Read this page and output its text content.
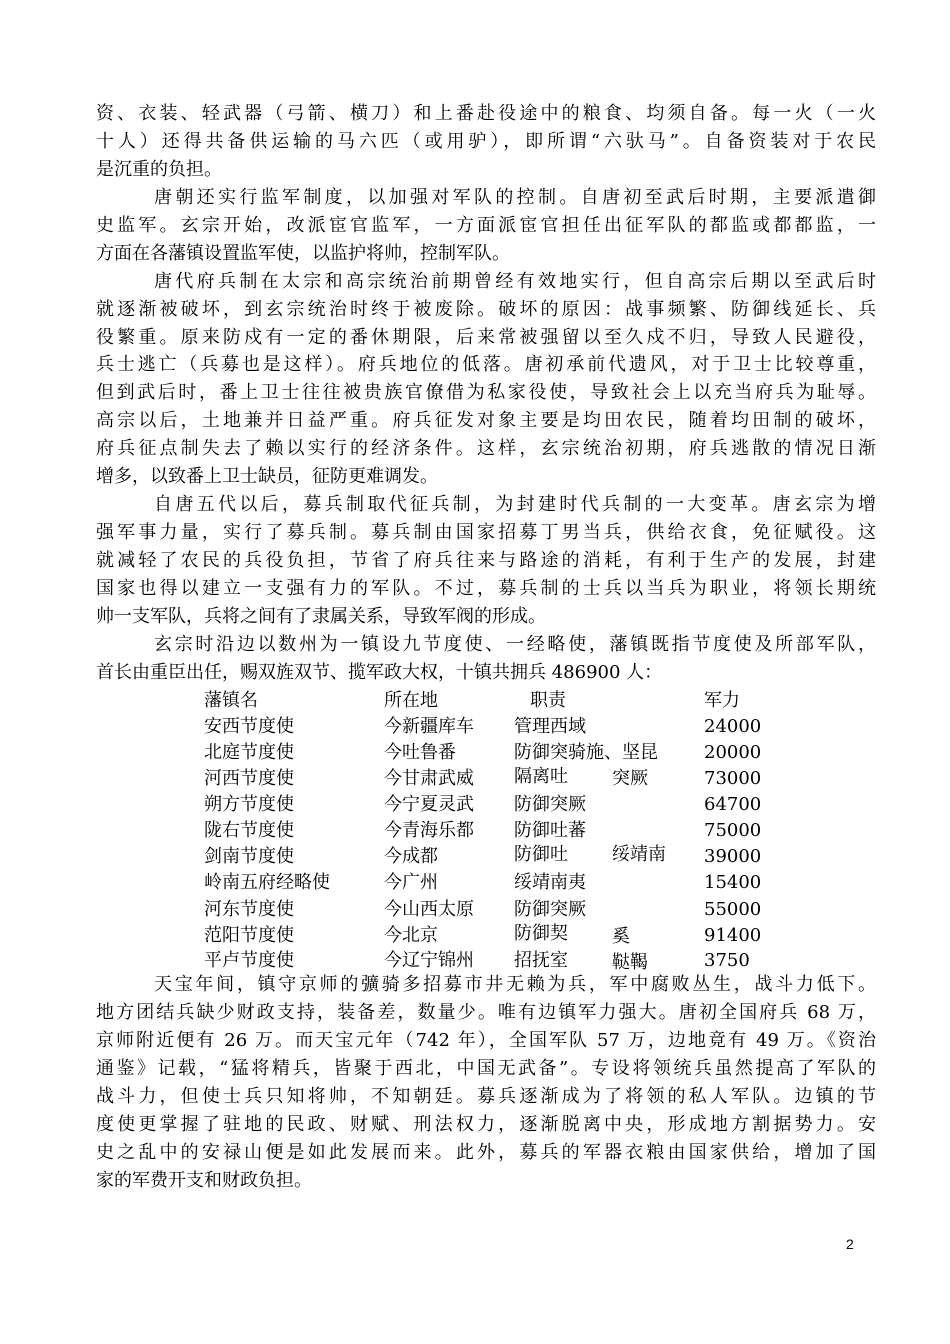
资、衣装、轻武器（弓箭、横刀）和上番赴役途中的粮食、均须自备。每一火（一火
十人）还得共备供运输的马六匹（或用驴），即所谓“六驮马”。自备资装对于农民
是沉重的负担。
唐朝还实行监军制度，以加强对军队的控制。自唐初至武后时期，主要派遣御
史监军。玄宗开始，改派宦官监军，一方面派宦官担任出征军队的都监或都都监，一
方面在各藩镇设置监军使，以监护将帅，控制军队。
唐代府兵制在太宗和高宗统治前期曾经有效地实行，但自高宗后期以至武后时
就逐渐被破坏，到玄宗统治时终于被废除。破坏的原因：战事频繁、防御线延长、兵
役繁重。原来防戍有一定的番休期限，后来常被强留以至久戍不归，导致人民避役，
兵士逃亡（兵募也是这样）。府兵地位的低落。唐初承前代遗风，对于卫士比较尊重，
但到武后时，番上卫士往往被贵族官僚借为私家役使，导致社会上以充当府兵为耻辱。
高宗以后，土地兼并日益严重。府兵征发对象主要是均田农民，随着均田制的破坏，
府兵征点制失去了赖以实行的经济条件。这样，玄宗统治初期，府兵逃散的情况日渐
增多，以致番上卫士缺员，征防更难调发。
自唐五代以后，募兵制取代征兵制，为封建时代兵制的一大变革。唐玄宗为增
强军事力量，实行了募兵制。募兵制由国家招募丁男当兵，供给衣食，免征赋役。这
就减轻了农民的兵役负担，节省了府兵往来与路途的消耗，有利于生产的发展，封建
国家也得以建立一支强有力的军队。不过，募兵制的士兵以当兵为职业，将领长期统
帅一支军队，兵将之间有了隶属关系，导致军阀的形成。
玄宗时沿边以数州为一镇设九节度使、一经略使，藩镇既指节度使及所部军队，
首长由重臣出任，赐双旌双节、揽军政大权，十镇共拥兵 486900 人：
藩镇名	所在地	职责	军力
安西节度使	今新疆库车 管理西域	24000
北庭节度使	今吐鲁番	防御突骑施、坚昆	20000
河西节度使	今甘肃武威 隔离吐 突厥	73000
朔方节度使	今宁夏灵武 防御突厥	64700
陇右节度使	今青海乐都 防御吐蕃	75000
剑南节度使	今成都	防御吐 绥靖南 39000
岭南五府经略使	今广州	绥靖南夷	15400
河东节度使	今山西太原 防御突厥	55000
范阳节度使	今北京	防御契 奚	91400
平卢节度使	今辽宁锦州 招抚室 鞑鞨	3750
天宝年间，镇守京师的彍骑多招募市井无赖为兵，军中腐败丛生，战斗力低下。
地方团结兵缺少财政支持，装备差，数量少。唯有边镇军力强大。唐初全国府兵 68 万，
京师附近便有 26 万。而天宝元年（742 年），全国军队 57 万，边地竟有 49 万。《资治
通鉴》记载，“猛将精兵，皆聚于西北，中国无武备”。专设将领统兵虽然提高了军队的
战斗力，但使士兵只知将帅，不知朝廷。募兵逐渐成为了将领的私人军队。边镇的节
度使更掌握了驻地的民政、财赋、刑法权力，逐渐脱离中央，形成地方割据势力。安
史之乱中的安禄山便是如此发展而来。此外，募兵的军器衣粮由国家供给，增加了国
家的军费开支和财政负担。
2
